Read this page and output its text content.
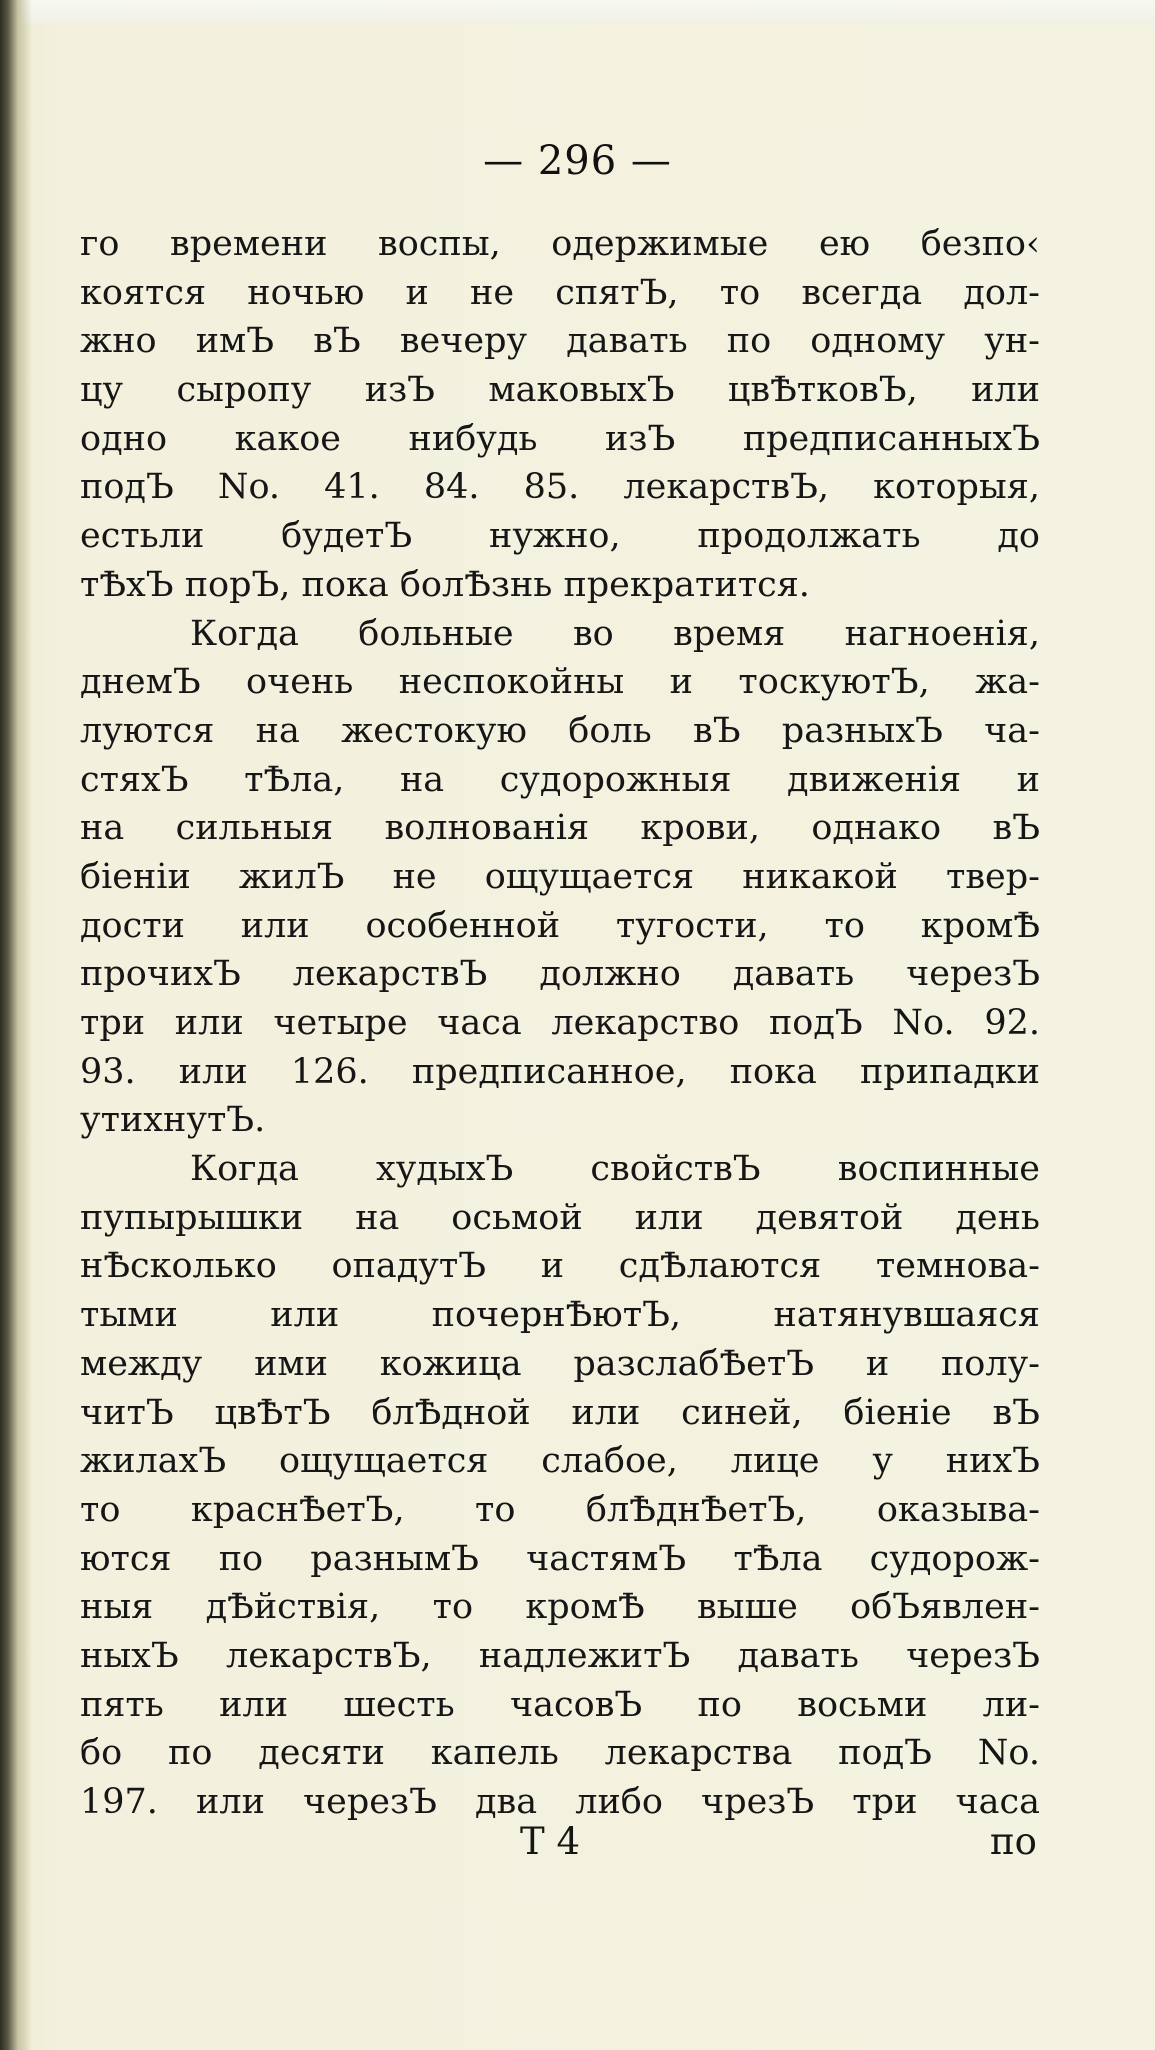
— 296 —
го времени воспы, одержимые ею безпо‹
коятся ночью и не спятЪ, то всегда дол-
жно имЪ вЪ вечеру давать по одному ун-
цу сыропу изЪ маковыхЪ цвѢтковЪ, или
одно какое нибудь изЪ предписанныхЪ
подЪ No. 41. 84. 85. лекарствЪ, которыя,
естьли будетЪ нужно, продолжать до
тѢхЪ порЪ, пока болѢзнь прекратится.
Когда больные во время нагноенiя,
днемЪ очень неспокойны и тоскуютЪ, жа-
луются на жестокую боль вЪ разныхЪ ча-
стяхЪ тѢла, на судорожныя движенiя и
на сильныя волнованiя крови, однако вЪ
бiенiи жилЪ не ощущается никакой твер-
дости или особенной тугости, то кромѢ
прочихЪ лекарствЪ должно давать черезЪ
три или четыре часа лекарство подЪ No. 92.
93. или 126. предписанное, пока припадки
утихнутЪ.
Когда худыхЪ свойствЪ воспинные
пупырышки на осьмой или девятой день
нѢсколько опадутЪ и сдѢлаются темнова-
тыми или почернѢютЪ, натянувшаяся
между ими кожица разслабѢетЪ и полу-
читЪ цвѢтЪ блѢдной или синей, бiенiе вЪ
жилахЪ ощущается слабое, лице у нихЪ
то краснѢетЪ, то блѢднѢетЪ, оказыва-
ются по разнымЪ частямЪ тѢла судорож-
ныя дѢйствiя, то кромѢ выше обЪявлен-
ныхЪ лекарствЪ, надлежитЪ давать черезЪ
пять или шесть часовЪ по восьми ли-
бо по десяти капель лекарства подЪ No.
197. или черезЪ два либо чрезЪ три часа
T 4	по
